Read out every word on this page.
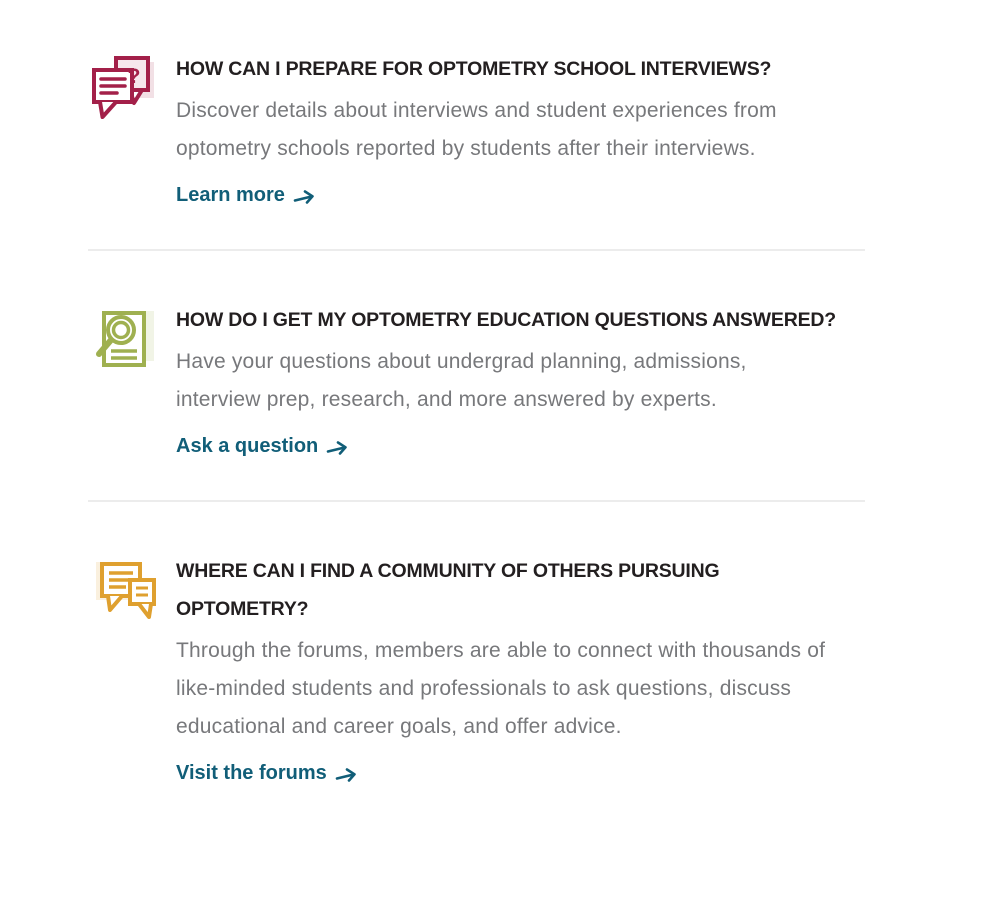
? HOW CAN I PREPARE FOR OPTOMETRY SCHOOL INTERVIEWS?

Discover details about interviews and student experiences from optometry schools reported by students after their interviews.

Learn more
HOW DO I GET MY OPTOMETRY EDUCATION QUESTIONS ANSWERED?

Have your questions about undergrad planning, admissions, interview prep, research, and more answered by experts.

Ask a question
WHERE CAN I FIND A COMMUNITY OF OTHERS PURSUING OPTOMETRY?

Through the forums, members are able to connect with thousands of like-minded students and professionals to ask questions, discuss educational and career goals, and offer advice.

Visit the forums
